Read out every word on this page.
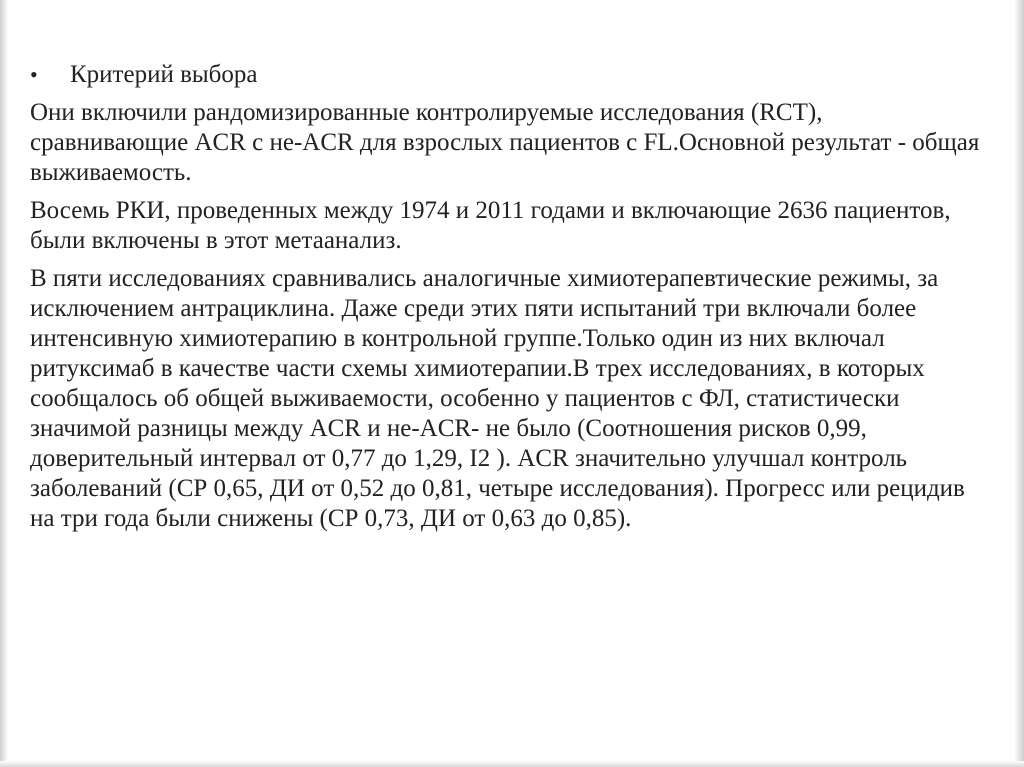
•	Критерий выбора

Они включили рандомизированные контролируемые исследования (RCT), сравнивающие ACR с не-ACR для взрослых пациентов с FL.Основной результат - общая выживаемость.

Восемь РКИ, проведенных между 1974 и 2011 годами и включающие 2636 пациентов, были включены в этот метаанализ.

В пяти исследованиях сравнивались аналогичные химиотерапевтические режимы, за исключением антрациклина. Даже среди этих пяти испытаний три включали более интенсивную химиотерапию в контрольной группе.Только один из них включал ритуксимаб в качестве части схемы химиотерапии.В трех исследованиях, в которых сообщалось об общей выживаемости, особенно у пациентов с ФЛ, статистически значимой разницы между ACR и не-ACR- не было (Соотношения рисков 0,99, доверительный интервал от 0,77 до 1,29, I2 ). ACR значительно улучшал контроль заболеваний (СР 0,65, ДИ от 0,52 до 0,81, четыре исследования). Прогресс или рецидив на три года были снижены (СР 0,73, ДИ от 0,63 до 0,85).
